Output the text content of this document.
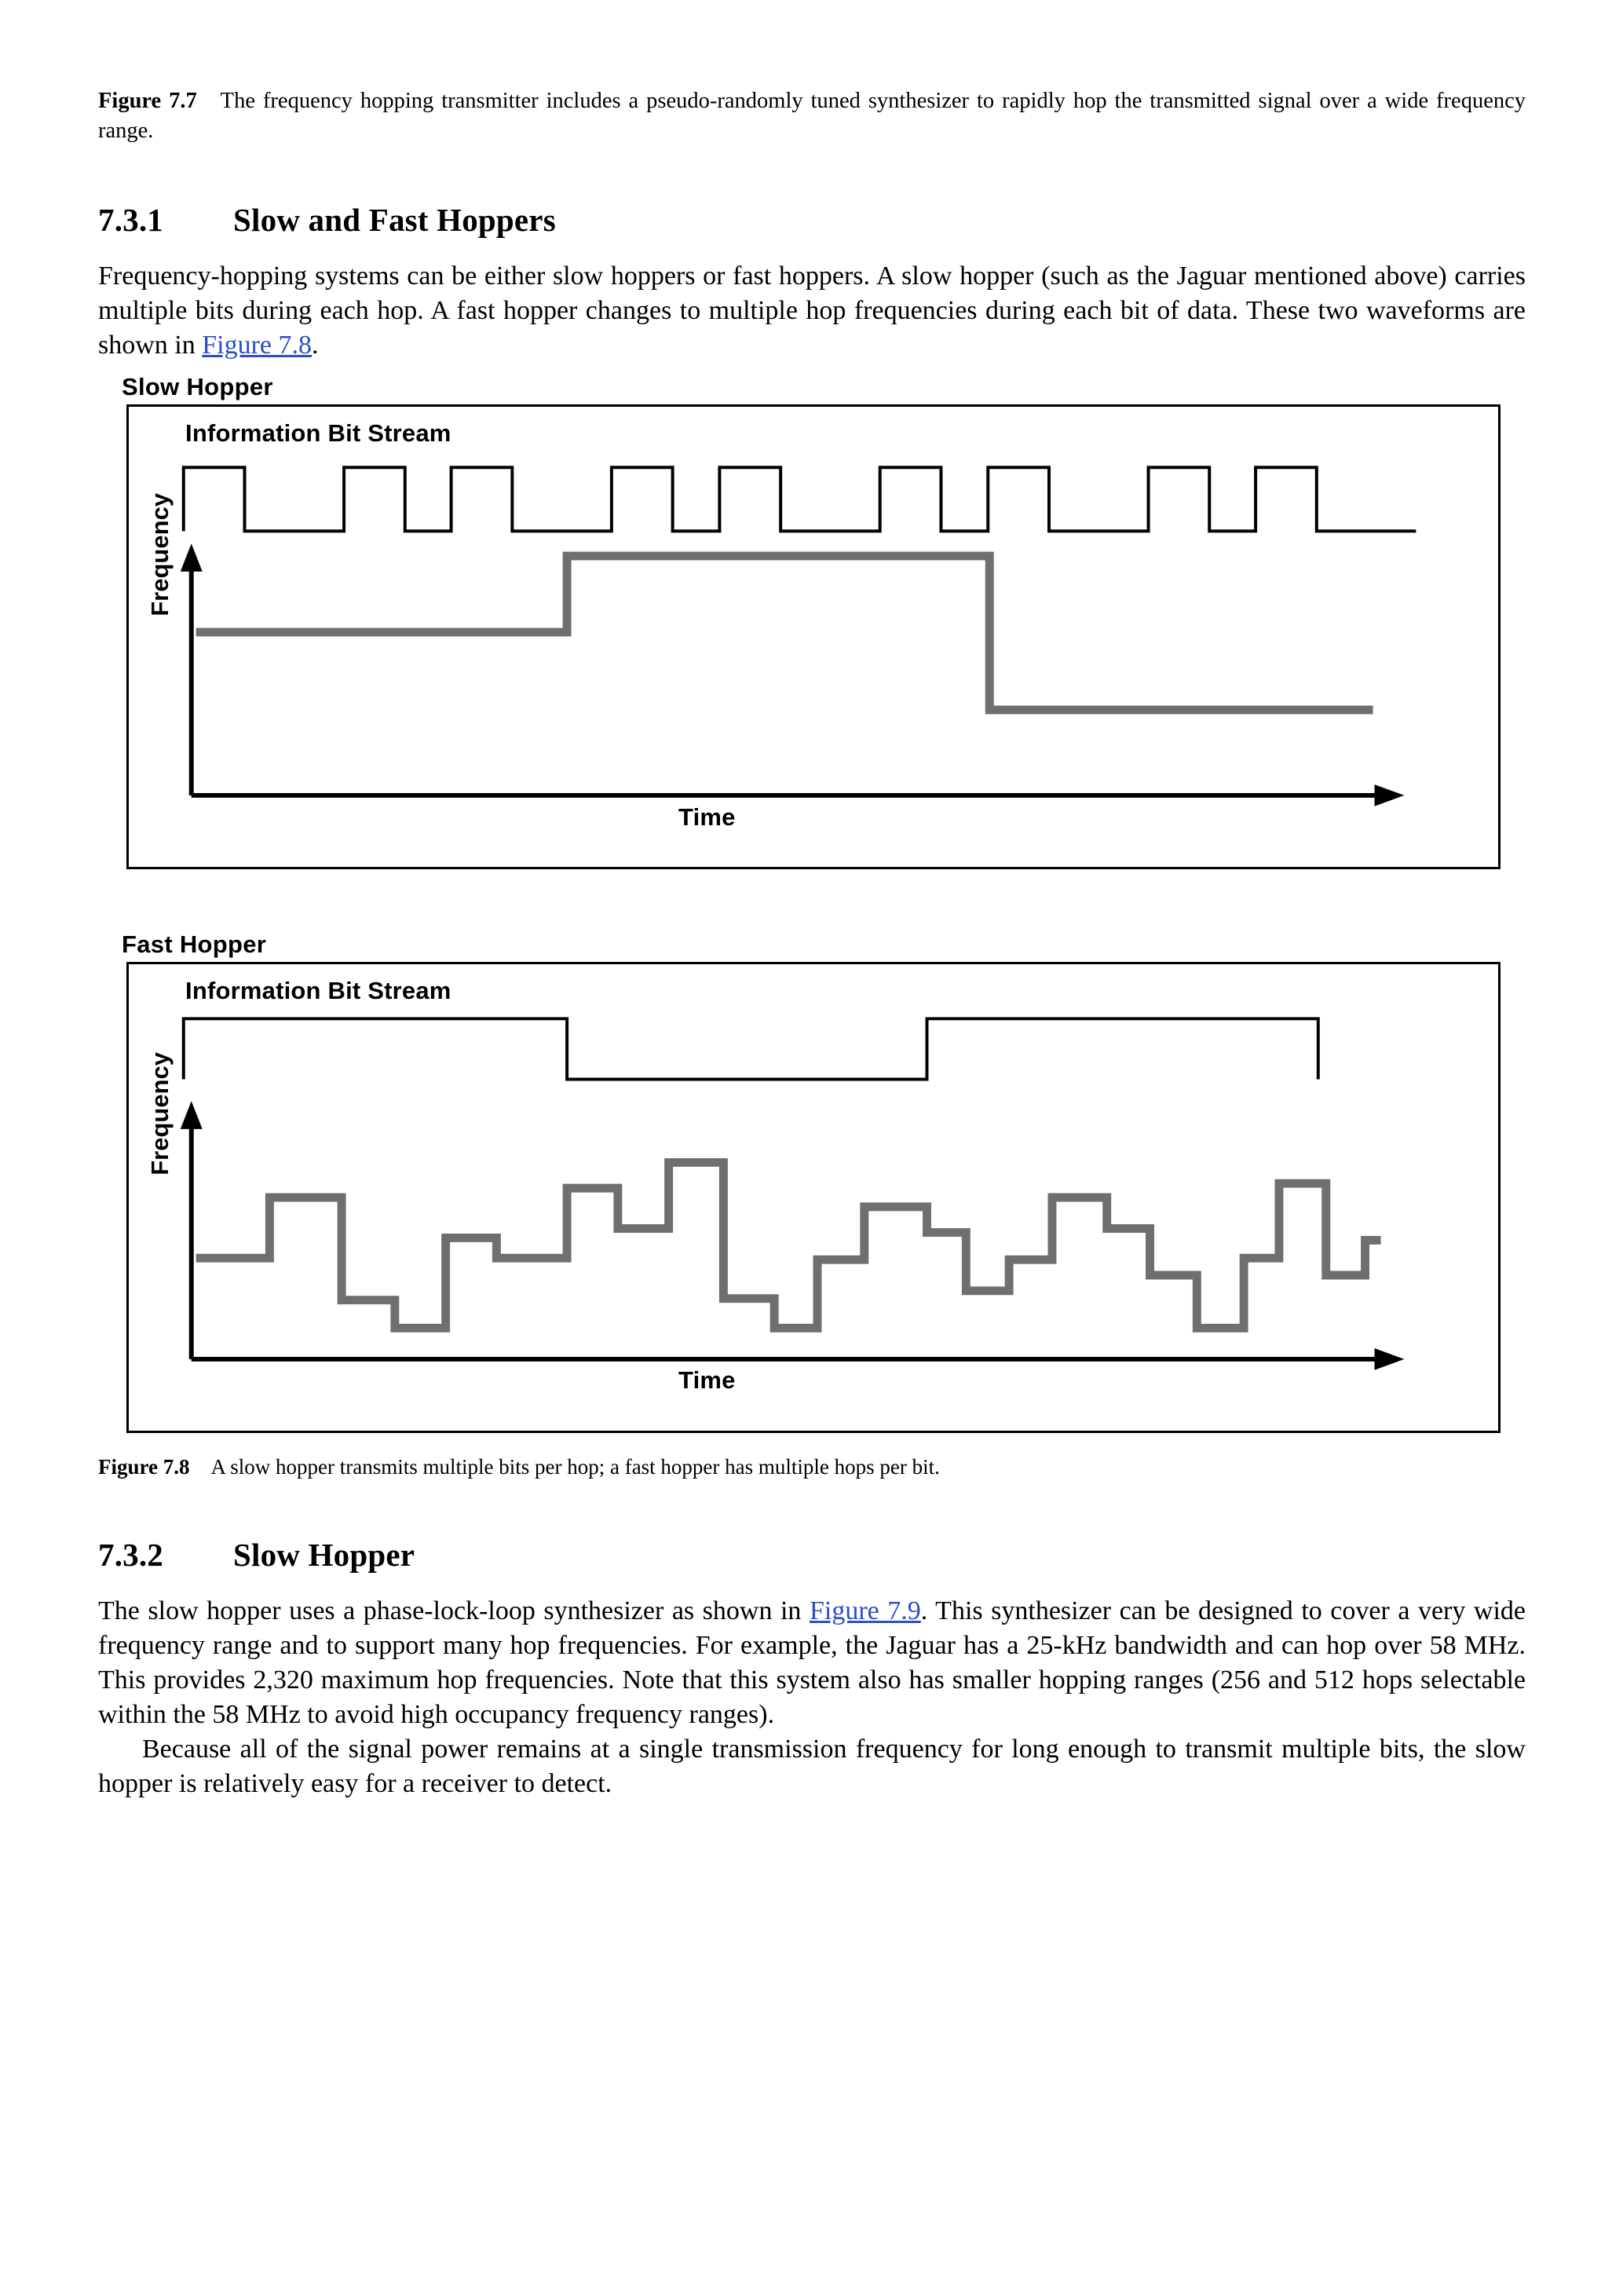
Figure 7.7 The frequency hopping transmitter includes a pseudo-randomly tuned synthesizer to rapidly hop the transmitted signal over a wide frequency range.

7.3.1 Slow and Fast Hoppers

Frequency-hopping systems can be either slow hoppers or fast hoppers. A slow hopper (such as the Jaguar mentioned above) carries multiple bits during each hop. A fast hopper changes to multiple hop frequencies during each bit of data. These two waveforms are shown in Figure 7.8.

Slow Hopper
Information Bit Stream
Frequency
Time
Fast Hopper
Information Bit Stream
Frequency
Time

Figure 7.8 A slow hopper transmits multiple bits per hop; a fast hopper has multiple hops per bit.

7.3.2 Slow Hopper

The slow hopper uses a phase-lock-loop synthesizer as shown in Figure 7.9. This synthesizer can be designed to cover a very wide frequency range and to support many hop frequencies. For example, the Jaguar has a 25-kHz bandwidth and can hop over 58 MHz. This provides 2,320 maximum hop frequencies. Note that this system also has smaller hopping ranges (256 and 512 hops selectable within the 58 MHz to avoid high occupancy frequency ranges).

Because all of the signal power remains at a single transmission frequency for long enough to transmit multiple bits, the slow hopper is relatively easy for a receiver to detect.
